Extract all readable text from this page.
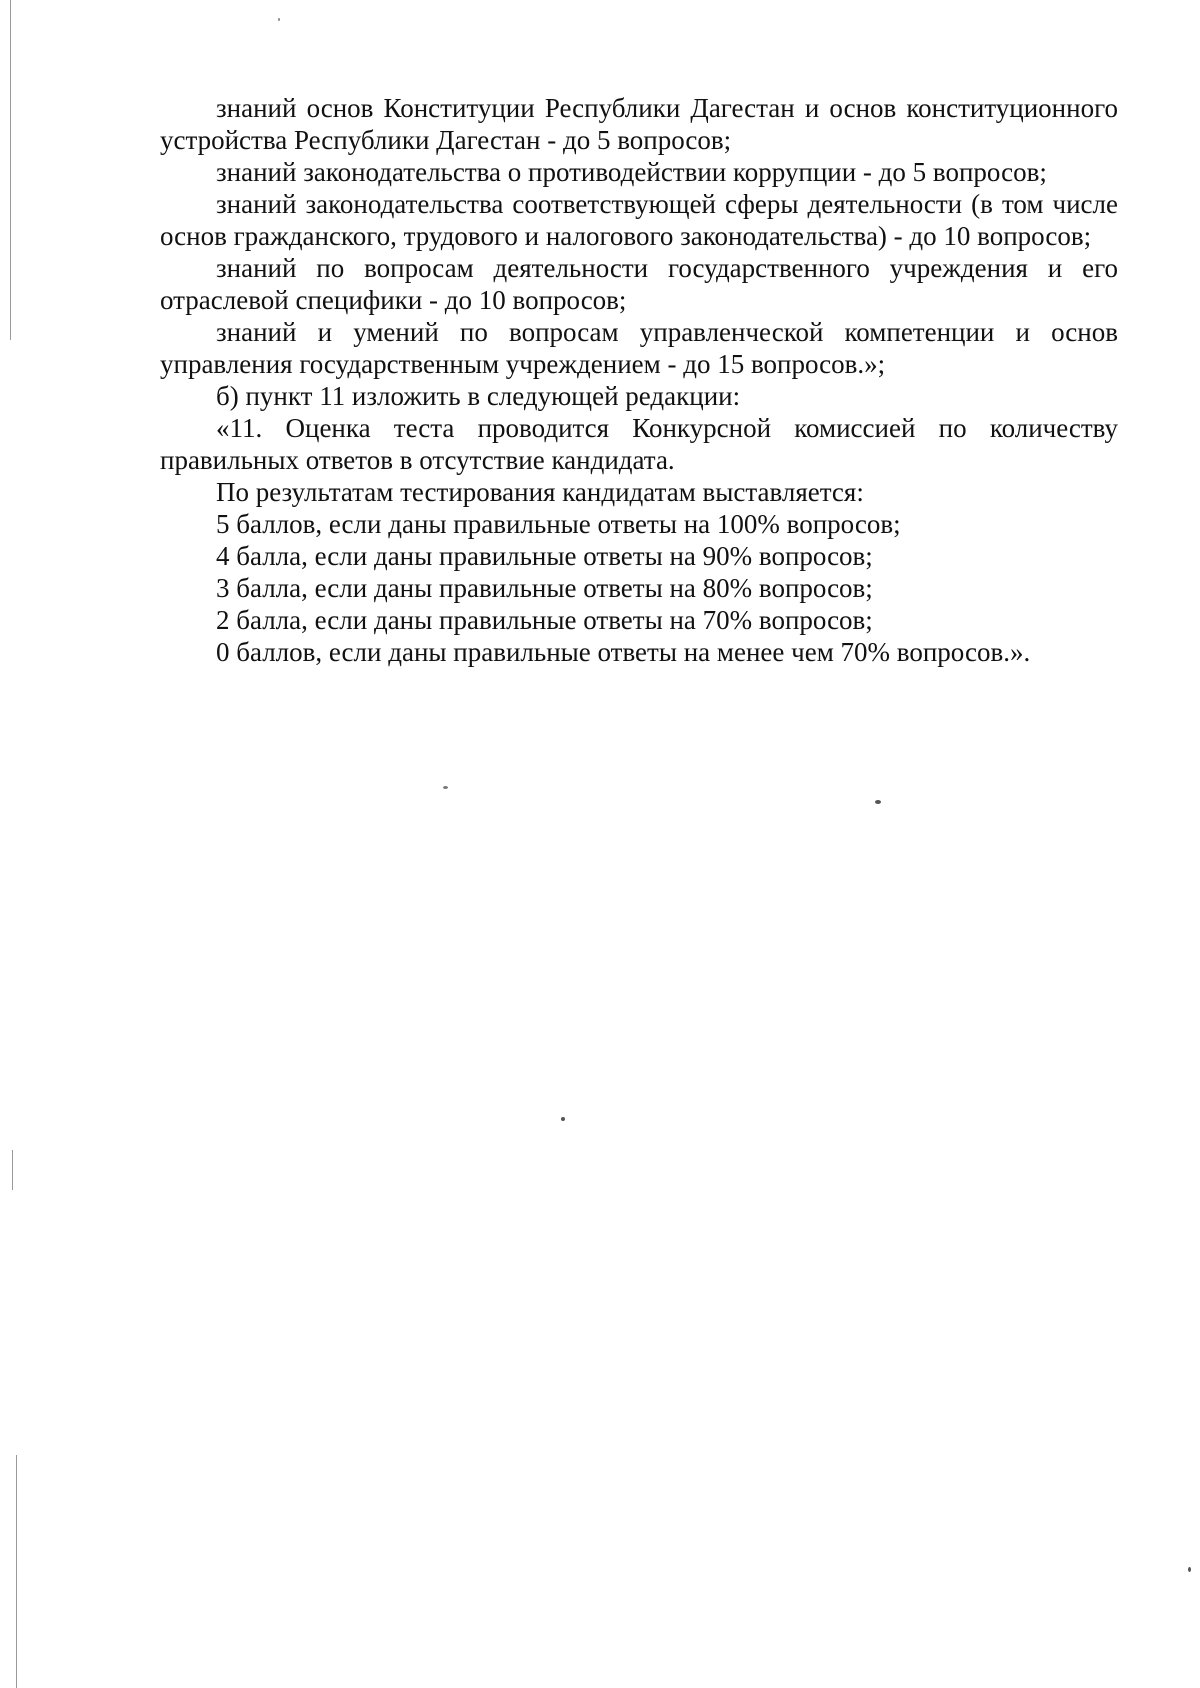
знаний основ Конституции Республики Дагестан и основ конституционного устройства Республики Дагестан - до 5 вопросов;

знаний законодательства о противодействии коррупции - до 5 вопросов;

знаний законодательства соответствующей сферы деятельности (в том числе основ гражданского, трудового и налогового законодательства) - до 10 вопросов;

знаний по вопросам деятельности государственного учреждения и его отраслевой специфики - до 10 вопросов;

знаний и умений по вопросам управленческой компетенции и основ управления государственным учреждением - до 15 вопросов.»;

б) пункт 11 изложить в следующей редакции:

«11. Оценка теста проводится Конкурсной комиссией по количеству правильных ответов в отсутствие кандидата.

По результатам тестирования кандидатам выставляется:

5 баллов, если даны правильные ответы на 100% вопросов;

4 балла, если даны правильные ответы на 90% вопросов;

3 балла, если даны правильные ответы на 80% вопросов;

2 балла, если даны правильные ответы на 70% вопросов;

0 баллов, если даны правильные ответы на менее чем 70% вопросов.».
